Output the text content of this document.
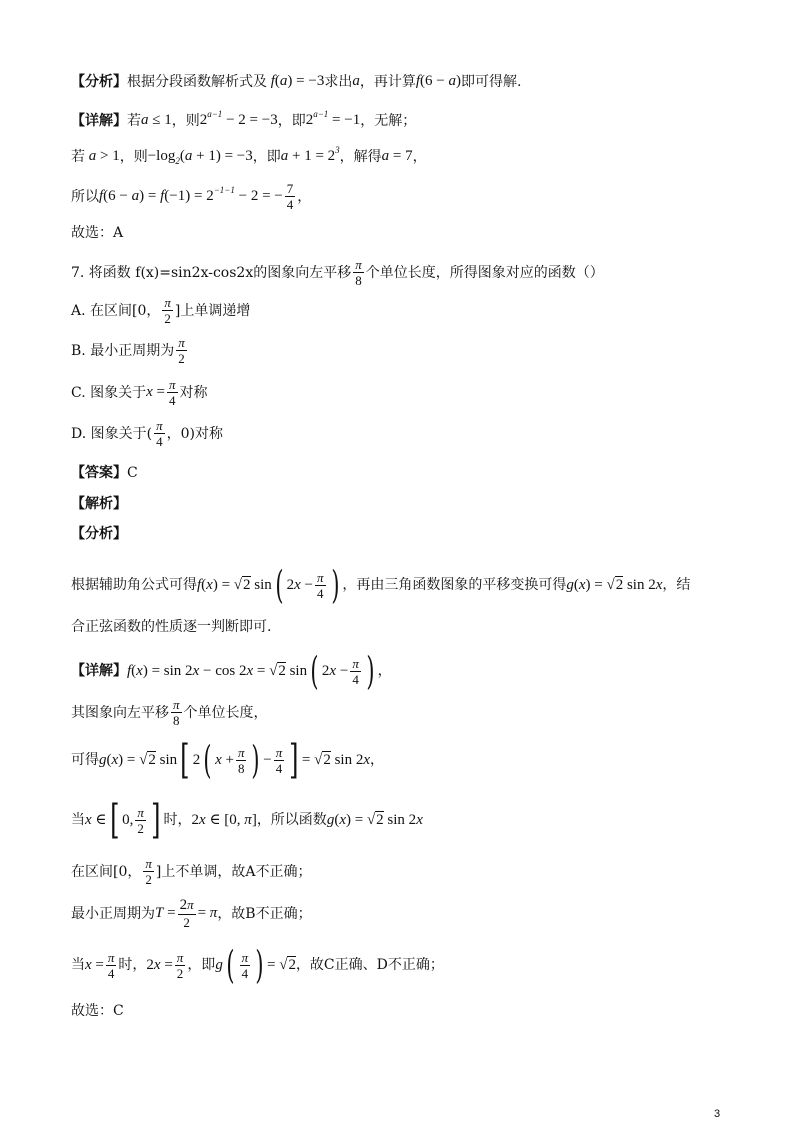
【分析】 根据分段函数解析式及 f(a) = −3 求出 a ，再计算 f(6 − a) 即可得解.
【详解】 若 a ≤ 1 ，则 $2^{a-1} - 2 = -3$ ，即 $2^{a-1} = -1$ ，无解；
若 a > 1 ，则 $-\log_2(a + 1) = -3$ ，即 $a + 1 = 2^3$ ，解得 a = 7 ，
所以 $f(6 - a) = f(-1) = 2^{-1-1} - 2$ = − $\frac{7}{4}$ ，
故选：A
7. 将函数 f(x)=sin2x-cos2x的图象向左平移 $\frac{\pi}{8}$ 个单位长度，所得图象对应的函数（）
A. 在区间[0， $\frac{\pi}{2}$ ]上单调递增
B. 最小正周期为 $\frac{\pi}{2}$
C. 图象关于 $x = \frac{\pi}{4}$ 对称
D. 图象关于( $\frac{\pi}{4}$ ，0)对称
【答案】 C
【解析】
【分析】
根据辅助角公式可得 f(x) = √2 sin ( $2x - \frac{\pi}{4}$ ) ，再由三角函数图象的平移变换可得 g(x) = √2 sin 2x ，结
合正弦函数的性质逐一判断即可.
【详解】 f(x) = sin 2x − cos 2x = √2 sin ( $2x - \frac{\pi}{4}$ ) ，
其图象向左平移 $\frac{\pi}{8}$ 个单位长度，
可得 g(x) = √2 sin [ 2 ( $x + \frac{\pi}{8}$ ) − $\frac{\pi}{4}$ ] = √2 sin 2x ，
当 x ∈ [ 0, $\frac{\pi}{2}$ ] 时， 2x ∈ [0, π] ，所以函数 g(x) = √2 sin 2x
在区间[0， $\frac{\pi}{2}$ ]上不单调，故A不正确；
最小正周期为 $T = \frac{2\pi}{2} = \pi$ ，故B不正确；
当 $x = \frac{\pi}{4}$ 时， $2x = \frac{\pi}{2}$ ，即 g ( $\frac{\pi}{4}$ ) = √2 ，故C正确、D不正确；
故选：C
3
